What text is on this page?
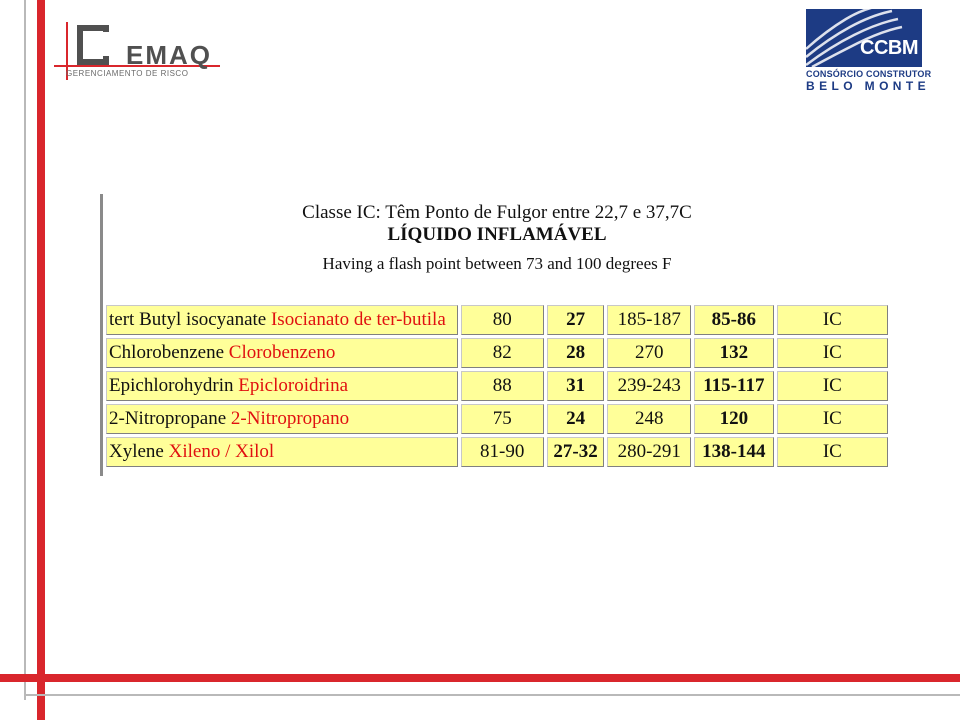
EMAQ
GERENCIAMENTO DE RISCO
CCBM
CONSÓRCIO CONSTRUTOR
BELO MONTE
Classe IC: Têm Ponto de Fulgor entre 22,7 e 37,7C
LÍQUIDO INFLAMÁVEL
Having a flash point between 73 and 100 degrees F
tert Butyl isocyanate Isocianato de ter-butila	80	27	185-187	85-86	IC
Chlorobenzene Clorobenzeno	82	28	270	132	IC
Epichlorohydrin Epicloroidrina	88	31	239-243	115-117	IC
2-Nitropropane 2-Nitropropano	75	24	248	120	IC
Xylene Xileno / Xilol	81-90	27-32	280-291	138-144	IC
